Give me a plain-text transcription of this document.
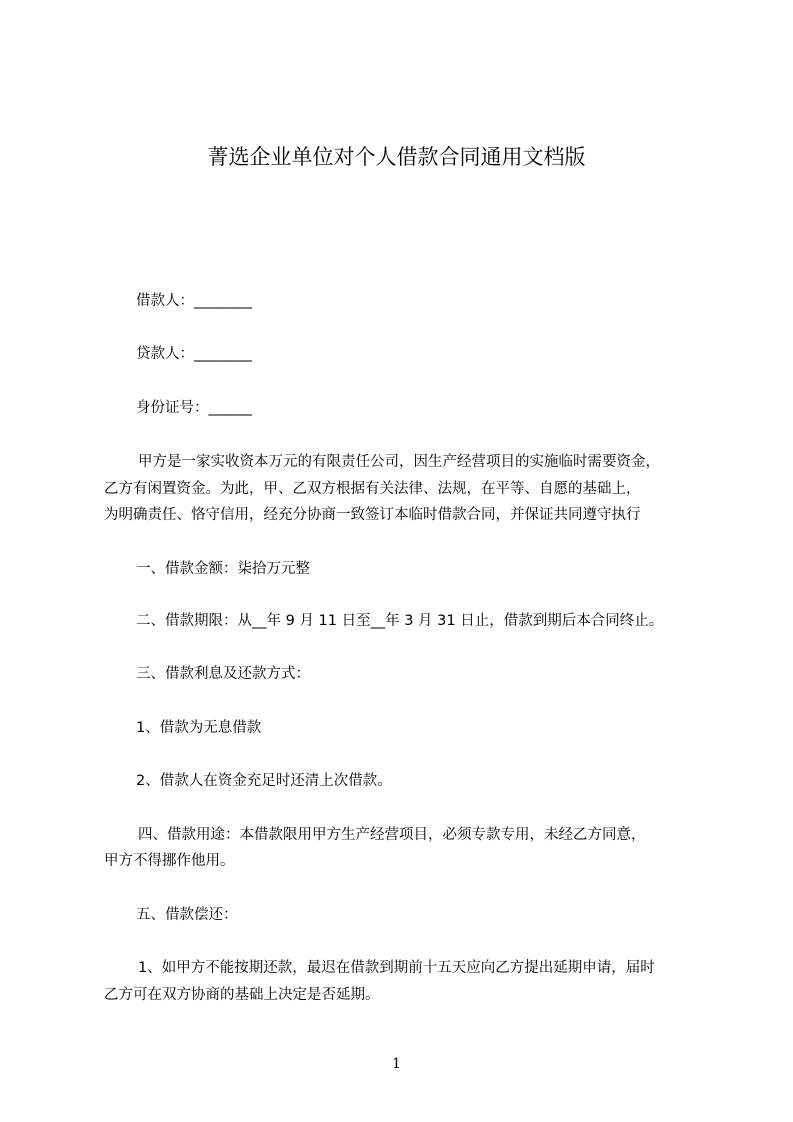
菁选企业单位对个人借款合同通用文档版
借款人：________
贷款人：________
身份证号：______
甲方是一家实收资本万元的有限责任公司，因生产经营项目的实施临时需要资金，
乙方有闲置资金。为此，甲、乙双方根据有关法律、法规，在平等、自愿的基础上，
为明确责任、恪守信用，经充分协商一致签订本临时借款合同，并保证共同遵守执行
一、借款金额：柒拾万元整
二、借款期限：从__年 9 月 11 日至__年 3 月 31 日止，借款到期后本合同终止。
三、借款利息及还款方式：
1、借款为无息借款
2、借款人在资金充足时还清上次借款。
四、借款用途：本借款限用甲方生产经营项目，必须专款专用，未经乙方同意，
甲方不得挪作他用。
五、借款偿还：
1、如甲方不能按期还款，最迟在借款到期前十五天应向乙方提出延期申请，届时
乙方可在双方协商的基础上决定是否延期。
1
